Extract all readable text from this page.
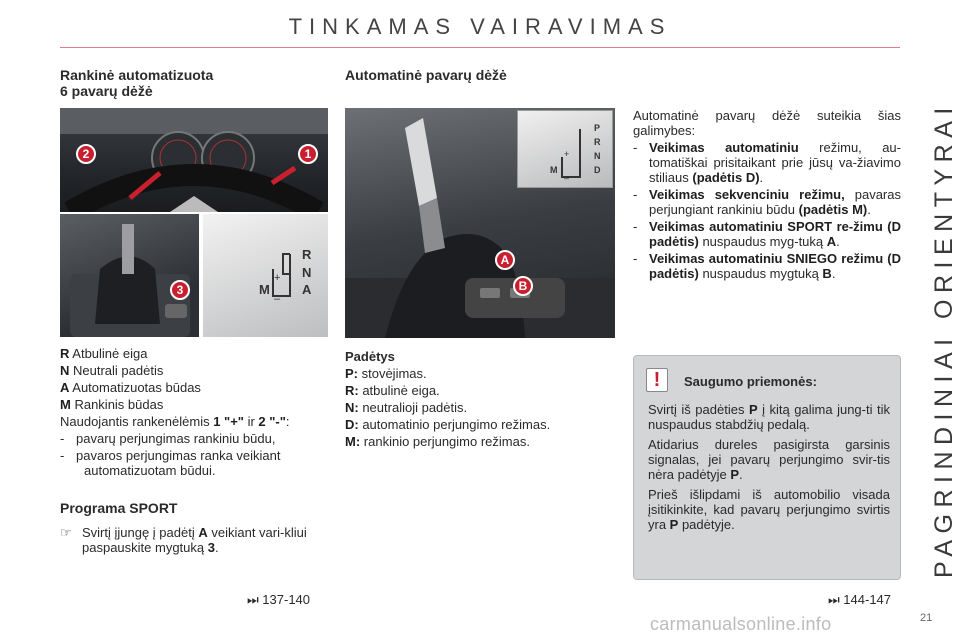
TINKAMAS VAIRAVIMAS
PAGRINDINIAI ORIENTYRAI
Rankinė automatizuota
6 pavarų dėžė
2	1
3
R
N
A
M
+
–
R Atbulinė eiga
N Neutrali padėtis
A Automatizuotas būdas
M Rankinis būdas
Naudojantis rankenėlėmis 1 "+" ir 2 "-":
- pavarų perjungimas rankiniu būdu,
- pavaros perjungimas ranka veikiant automatizuotam būdui.
Programa SPORT
☞ Svirtį įjungę į padėtį A veikiant vari-kliui paspauskite mygtuką 3.
⏭ 137-140
Automatinė pavarų dėžė
P
R
N
D
M
+
–
A
B
Padėtys
P: stovėjimas.
R: atbulinė eiga.
N: neutralioji padėtis.
D: automatinio perjungimo režimas.
M: rankinio perjungimo režimas.
Automatinė pavarų dėžė suteikia šias galimybes:
- Veikimas automatiniu režimu, au-tomatiškai prisitaikant prie jūsų va-žiavimo stiliaus (padėtis D).
- Veikimas sekvenciniu režimu, pavaras perjungiant rankiniu būdu (padėtis M).
- Veikimas automatiniu SPORT re-žimu (D padėtis) nuspaudus myg-tuką A.
- Veikimas automatiniu SNIEGO režimu (D padėtis) nuspaudus mygtuką B.
!	Saugumo priemonės:

Svirtį iš padėties P į kitą galima jung-ti tik nuspaudus stabdžių pedalą.

Atidarius dureles pasigirsta garsinis signalas, jei pavarų perjungimo svir-tis nėra padėtyje P.

Prieš išlipdami iš automobilio visada įsitikinkite, kad pavarų perjungimo svirtis yra P padėtyje.

⏭ 144-147
21
carmanualsonline.info
